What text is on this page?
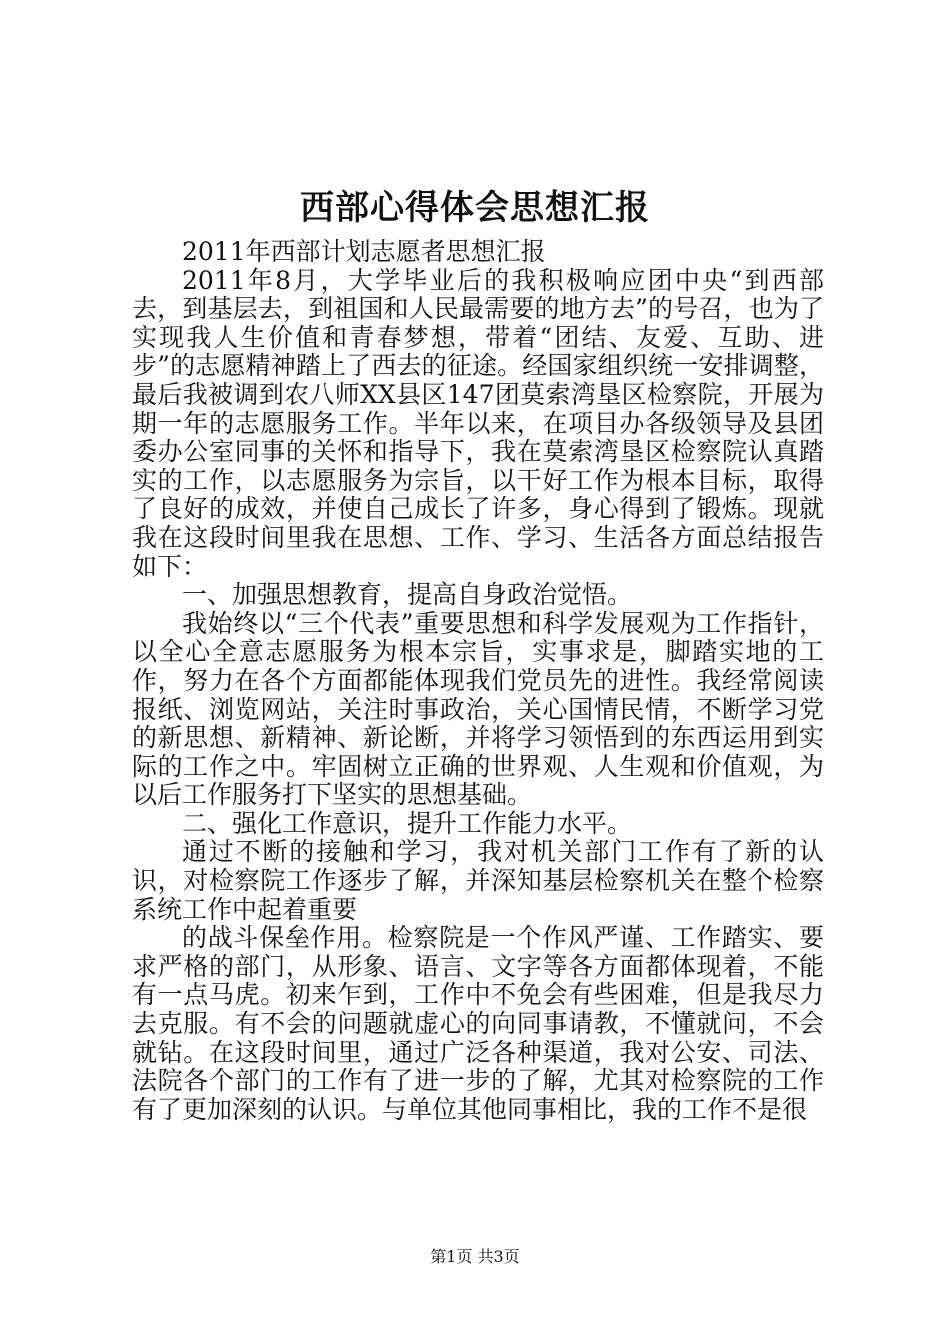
西部心得体会思想汇报

2011年西部计划志愿者思想汇报

2011年8月，大学毕业后的我积极响应团中央“到西部去，到基层去，到祖国和人民最需要的地方去”的号召，也为了实现我人生价值和青春梦想，带着“团结、友爱、互助、进步”的志愿精神踏上了西去的征途。经国家组织统一安排调整，最后我被调到农八师XX县区147团莫索湾垦区检察院，开展为期一年的志愿服务工作。半年以来，在项目办各级领导及县团委办公室同事的关怀和指导下，我在莫索湾垦区检察院认真踏实的工作，以志愿服务为宗旨，以干好工作为根本目标，取得了良好的成效，并使自己成长了许多，身心得到了锻炼。现就我在这段时间里我在思想、工作、学习、生活各方面总结报告如下：

一、加强思想教育，提高自身政治觉悟。

我始终以“三个代表”重要思想和科学发展观为工作指针，以全心全意志愿服务为根本宗旨，实事求是，脚踏实地的工作，努力在各个方面都能体现我们党员先的进性。我经常阅读报纸、浏览网站，关注时事政治，关心国情民情，不断学习党的新思想、新精神、新论断，并将学习领悟到的东西运用到实际的工作之中。牢固树立正确的世界观、人生观和价值观，为以后工作服务打下坚实的思想基础。

二、强化工作意识，提升工作能力水平。

通过不断的接触和学习，我对机关部门工作有了新的认识，对检察院工作逐步了解，并深知基层检察机关在整个检察系统工作中起着重要

的战斗保垒作用。检察院是一个作风严谨、工作踏实、要求严格的部门，从形象、语言、文字等各方面都体现着，不能有一点马虎。初来乍到，工作中不免会有些困难，但是我尽力去克服。有不会的问题就虚心的向同事请教，不懂就问，不会就钻。在这段时间里，通过广泛各种渠道，我对公安、司法、法院各个部门的工作有了进一步的了解，尤其对检察院的工作有了更加深刻的认识。与单位其他同事相比，我的工作不是很

第1页 共3页
